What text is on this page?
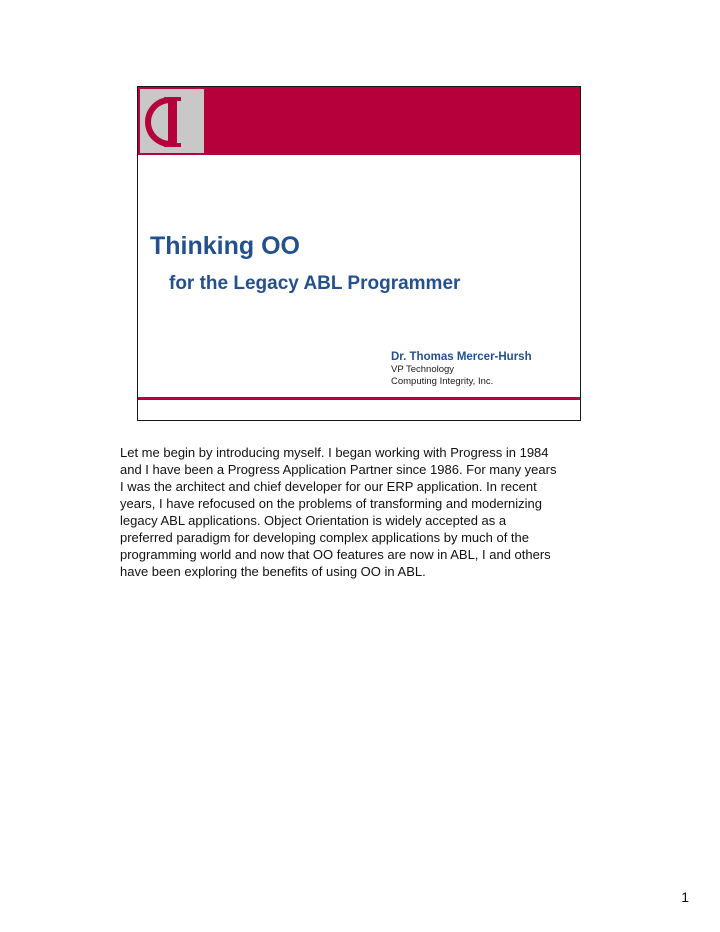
Thinking OO
for the Legacy ABL Programmer
Dr. Thomas Mercer-Hursh
VP Technology
Computing Integrity, Inc.

Let me begin by introducing myself. I began working with Progress in 1984

and I have been a Progress Application Partner since 1986. For many years

I was the architect and chief developer for our ERP application. In recent

years, I have refocused on the problems of transforming and modernizing

legacy ABL applications. Object Orientation is widely accepted as a

preferred paradigm for developing complex applications by much of the

programming world and now that OO features are now in ABL, I and others

have been exploring the benefits of using OO in ABL.

1
